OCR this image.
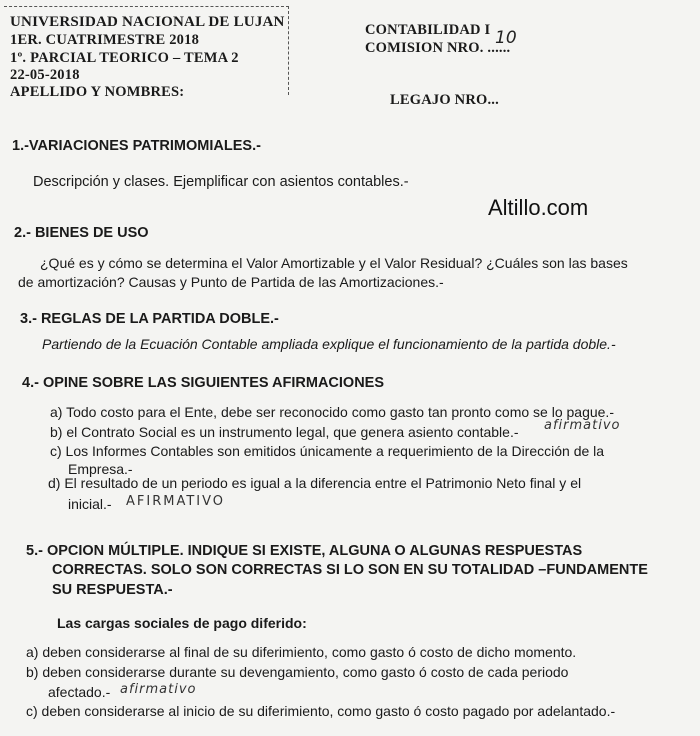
UNIVERSIDAD NACIONAL DE LUJAN
1ER. CUATRIMESTRE 2018
1º. PARCIAL TEORICO – TEMA 2
22-05-2018
APELLIDO Y NOMBRES:
CONTABILIDAD I
COMISION NRO. ......
10
LEGAJO NRO...
Altillo.com
1.-VARIACIONES PATRIMOMIALES.-
Descripción y clases. Ejemplificar con asientos contables.-
2.- BIENES DE USO
¿Qué es y cómo se determina el Valor Amortizable y el Valor Residual? ¿Cuáles son las bases
de amortización? Causas y Punto de Partida de las Amortizaciones.-
3.- REGLAS DE LA PARTIDA DOBLE.-
Partiendo de la Ecuación Contable ampliada explique el funcionamiento de la partida doble.-
4.- OPINE SOBRE LAS SIGUIENTES AFIRMACIONES
a) Todo costo para el Ente, debe ser reconocido como gasto tan pronto como se lo pague.-
b) el Contrato Social es un instrumento legal, que genera asiento contable.- afirmativo
c) Los Informes Contables son emitidos únicamente a requerimiento de la Dirección de la
Empresa.-
d) El resultado de un periodo es igual a la diferencia entre el Patrimonio Neto final y el
inicial.- AFIRMATIVO
5.- OPCION MÚLTIPLE. INDIQUE SI EXISTE, ALGUNA O ALGUNAS RESPUESTAS
CORRECTAS. SOLO SON CORRECTAS SI LO SON EN SU TOTALIDAD –FUNDAMENTE
SU RESPUESTA.-
Las cargas sociales de pago diferido:
a) deben considerarse al final de su diferimiento, como gasto ó costo de dicho momento.
b) deben considerarse durante su devengamiento, como gasto ó costo de cada periodo
afectado.- afirmativo
c) deben considerarse al inicio de su diferimiento, como gasto ó costo pagado por adelantado.-
